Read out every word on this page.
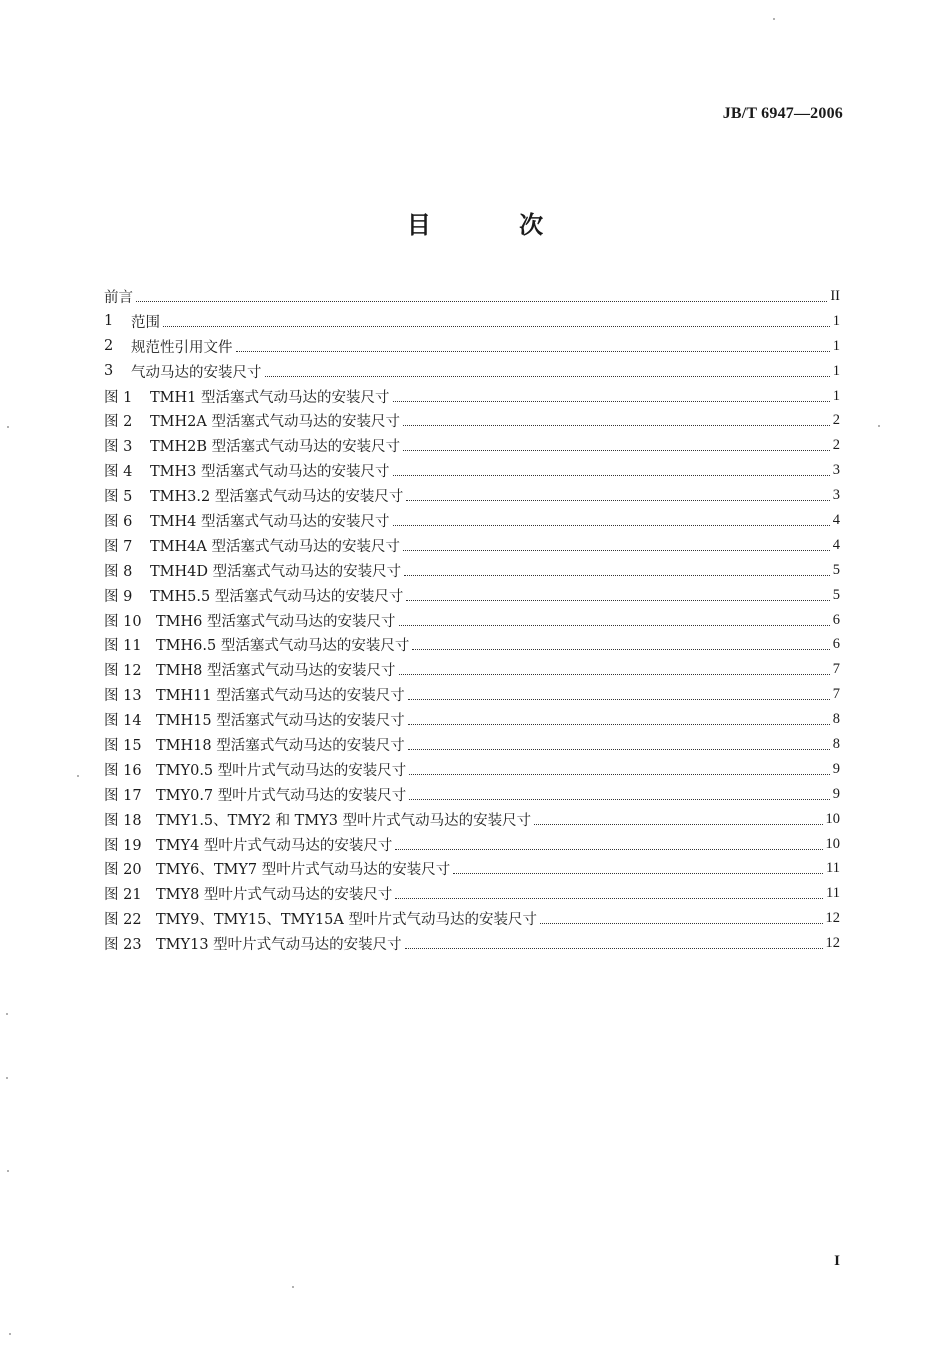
JB/T 6947—2006
目 次
前言	II
1	范围	1
2	规范性引用文件	1
3	气动马达的安装尺寸	1
图 1	TMH1 型活塞式气动马达的安装尺寸	1
图 2	TMH2A 型活塞式气动马达的安装尺寸	2
图 3	TMH2B 型活塞式气动马达的安装尺寸	2
图 4	TMH3 型活塞式气动马达的安装尺寸	3
图 5	TMH3.2 型活塞式气动马达的安装尺寸	3
图 6	TMH4 型活塞式气动马达的安装尺寸	4
图 7	TMH4A 型活塞式气动马达的安装尺寸	4
图 8	TMH4D 型活塞式气动马达的安装尺寸	5
图 9	TMH5.5 型活塞式气动马达的安装尺寸	5
图 10 TMH6 型活塞式气动马达的安装尺寸	6
图 11 TMH6.5 型活塞式气动马达的安装尺寸	6
图 12 TMH8 型活塞式气动马达的安装尺寸	7
图 13 TMH11 型活塞式气动马达的安装尺寸	7
图 14 TMH15 型活塞式气动马达的安装尺寸	8
图 15 TMH18 型活塞式气动马达的安装尺寸	8
图 16 TMY0.5 型叶片式气动马达的安装尺寸	9
图 17 TMY0.7 型叶片式气动马达的安装尺寸	9
图 18 TMY1.5、TMY2 和 TMY3 型叶片式气动马达的安装尺寸	10
图 19 TMY4 型叶片式气动马达的安装尺寸	10
图 20 TMY6、TMY7 型叶片式气动马达的安装尺寸	11
图 21 TMY8 型叶片式气动马达的安装尺寸	11
图 22 TMY9、TMY15、TMY15A 型叶片式气动马达的安装尺寸	12
图 23 TMY13 型叶片式气动马达的安装尺寸	12
I
